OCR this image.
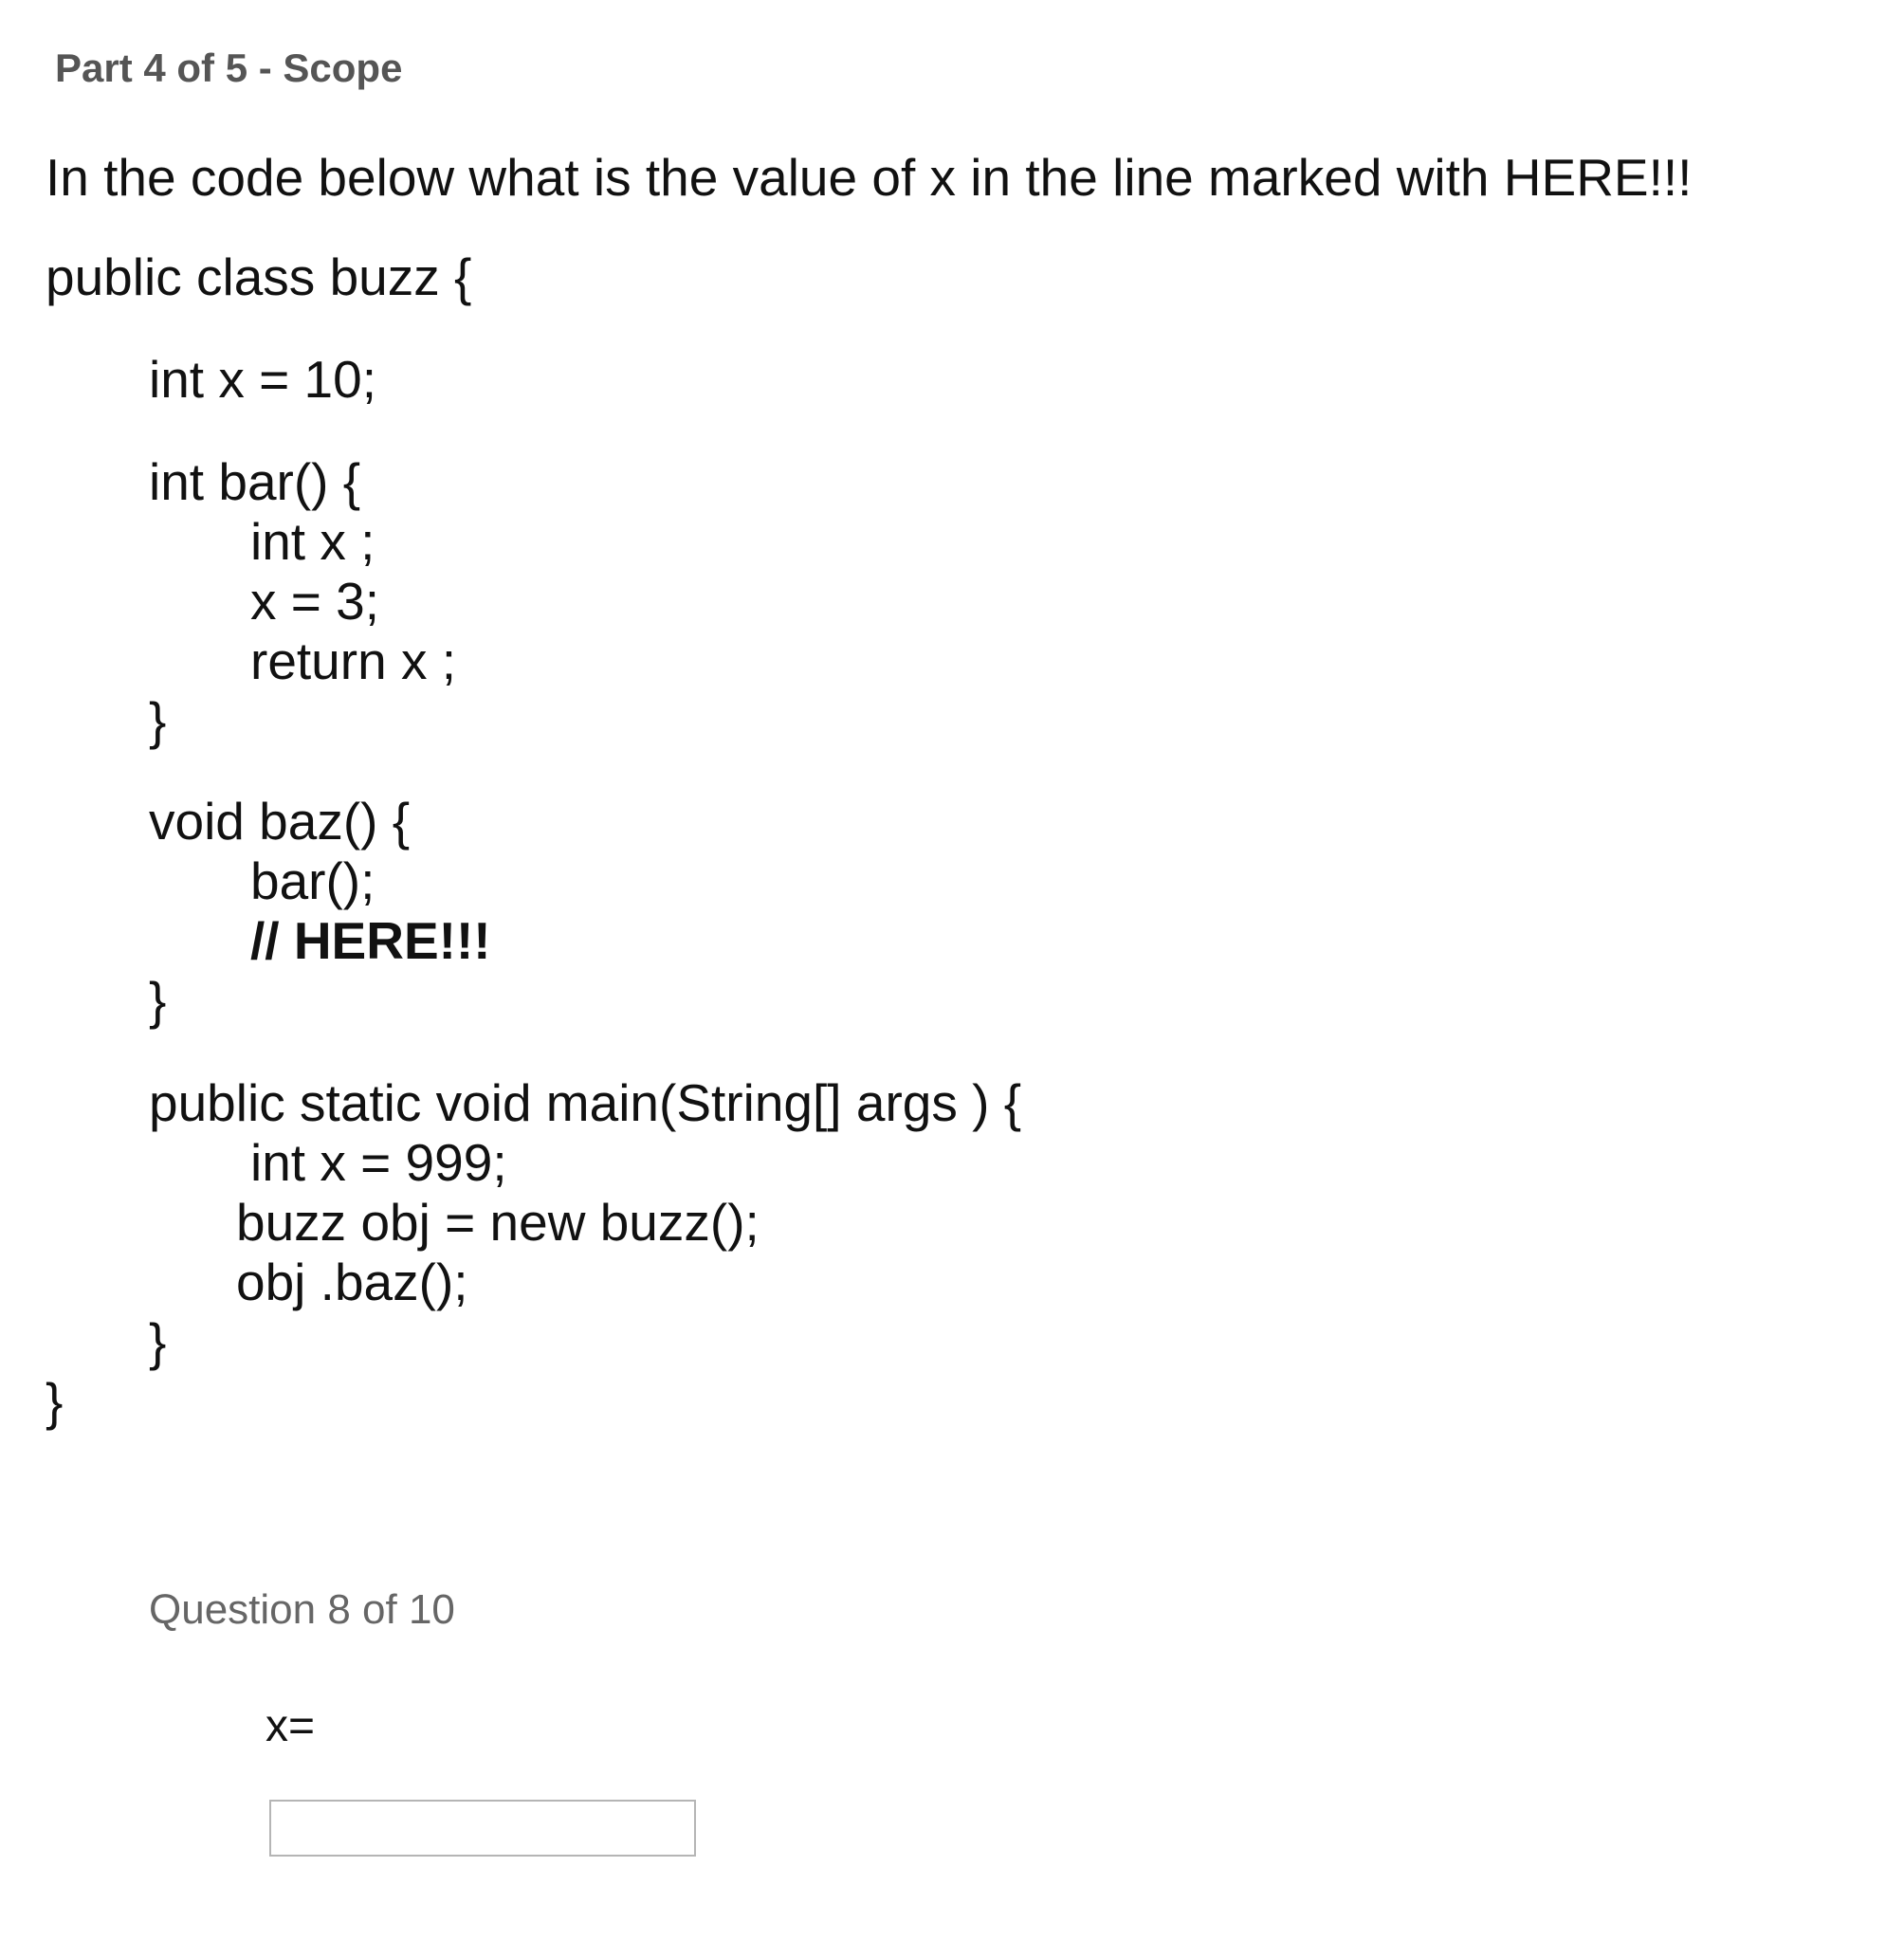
Part 4 of 5 - Scope
In the code below what is the value of x in the line marked with HERE!!!
public class buzz {
int x = 10;
int bar() {
int x ;
x = 3;
return x ;
}
void baz() {
bar();
// HERE!!!
}
public static void main(String[] args ) {
int x = 999;
buzz obj = new buzz();
obj .baz();
}
}
Question 8 of 10
x=
